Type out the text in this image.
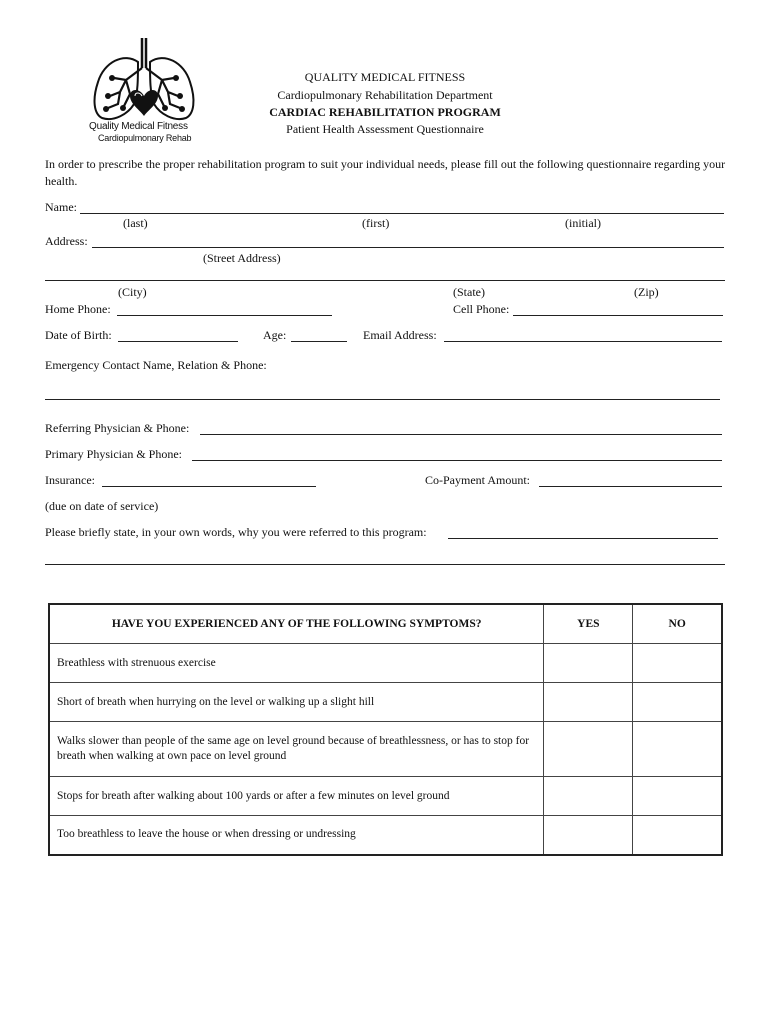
Quality Medical Fitness
Cardiopulmonary Rehab
QUALITY MEDICAL FITNESS
Cardiopulmonary Rehabilitation Department
CARDIAC REHABILITATION PROGRAM
Patient Health Assessment Questionnaire
In order to prescribe the proper rehabilitation program to suit your individual needs, please fill out the following questionnaire regarding your health.
Name:
(last)	(first)	(initial)
Address:
(Street Address)
(City)	(State)	(Zip)
Home Phone:	Cell Phone:
Date of Birth:	Age:	Email Address:
Emergency Contact Name, Relation & Phone:
Referring Physician & Phone:
Primary Physician & Phone:
Insurance:	Co-Payment Amount:
(due on date of service)
Please briefly state, in your own words, why you were referred to this program:
HAVE YOU EXPERIENCED ANY OF THE FOLLOWING SYMPTOMS?	YES	NO
Breathless with strenuous exercise		
Short of breath when hurrying on the level or walking up a slight hill		
Walks slower than people of the same age on level ground because of breathlessness, or has to stop for breath when walking at own pace on level ground		
Stops for breath after walking about 100 yards or after a few minutes on level ground		
Too breathless to leave the house or when dressing or undressing		
